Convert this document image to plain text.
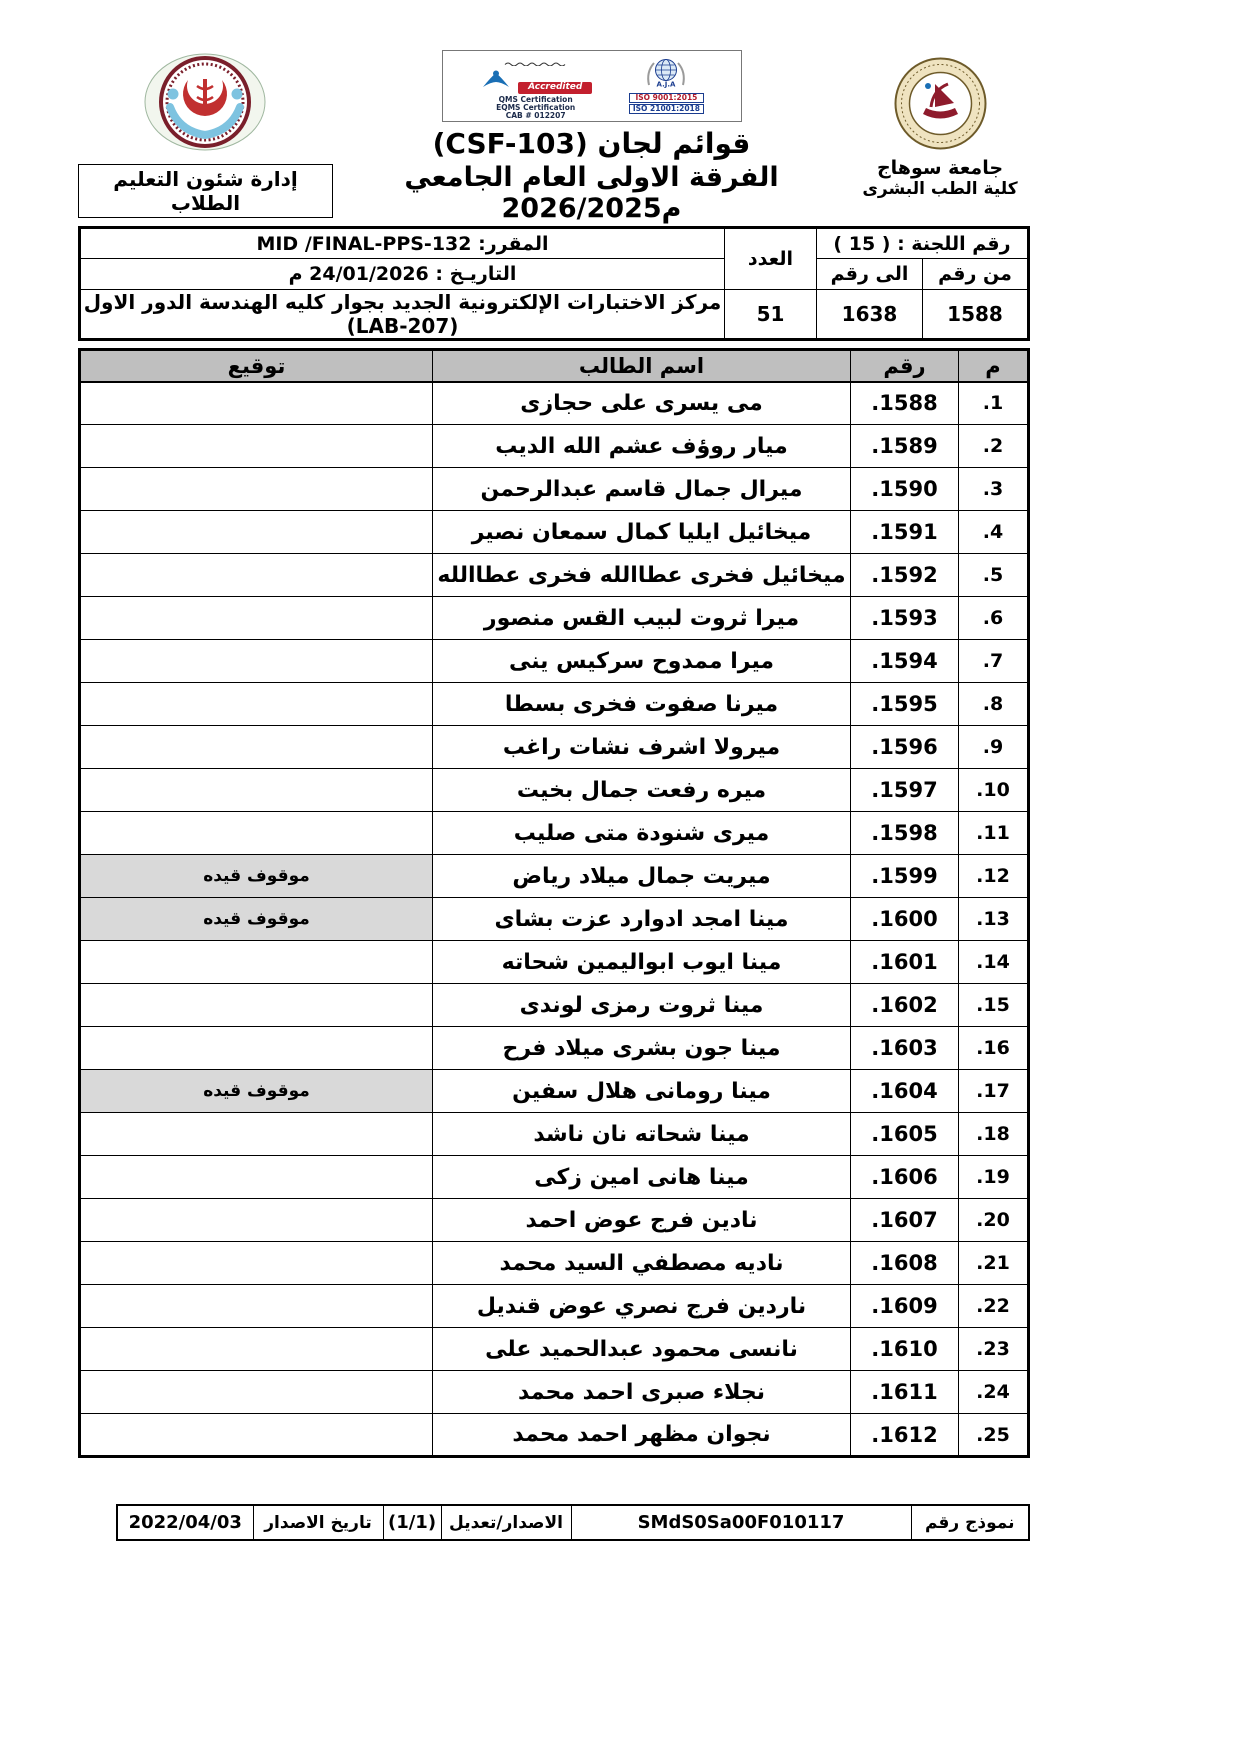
جامعة سوهاج
كلية الطب البشرى

Accredited
QMS Certification
EQMS Certification
CAB # 012207
A.J.A
ISO 9001:2015
ISO 21001:2018
قوائم لجان (CSF-103)
الفرقة الاولى العام الجامعي 2026/2025م
إدارة شئون التعليم الطلاب
رقم اللجنة : ( 15 )		العدد	المقرر: MID /FINAL-PPS-132
من رقم	الى رقم		التاريـخ : 24/01/2026 م
1588	1638	51	مركز الاختبارات الإلكترونية الجديد بجوار كليه الهندسة الدور الاول (LAB-207)
م	رقم	اسم الطالب	توقيع
1.	1588.	مى يسرى على حجازى	
2.	1589.	ميار روؤف عشم الله الديب	
3.	1590.	ميرال جمال قاسم عبدالرحمن	
4.	1591.	ميخائيل ايليا كمال سمعان نصير	
5.	1592.	ميخائيل فخرى عطاالله فخرى عطاالله	
6.	1593.	ميرا ثروت لبيب القس منصور	
7.	1594.	ميرا ممدوح سركيس ينى	
8.	1595.	ميرنا صفوت فخرى بسطا	
9.	1596.	ميرولا اشرف نشات راغب	
10.	1597.	ميره رفعت جمال بخيت	
11.	1598.	ميرى شنودة متى صليب	
12.	1599.	ميريت جمال ميلاد رياض	موقوف قيده
13.	1600.	مينا امجد ادوارد عزت بشاى	موقوف قيده
14.	1601.	مينا ايوب ابواليمين شحاته	
15.	1602.	مينا ثروت رمزى لوندى	
16.	1603.	مينا جون بشرى ميلاد فرح	
17.	1604.	مينا رومانى هلال سفين	موقوف قيده
18.	1605.	مينا شحاته نان ناشد	
19.	1606.	مينا هانى امين زكى	
20.	1607.	نادين فرج عوض احمد	
21.	1608.	ناديه مصطفي السيد محمد	
22.	1609.	ناردين فرج نصري عوض قنديل	
23.	1610.	نانسى محمود عبدالحميد على	
24.	1611.	نجلاء صبرى احمد محمد	
25.	1612.	نجوان مظهر احمد محمد	
نموذج رقم	SMdS0Sa00F010117	الاصدار/تعديل	(1/1)	تاريخ الاصدار	2022/04/03
